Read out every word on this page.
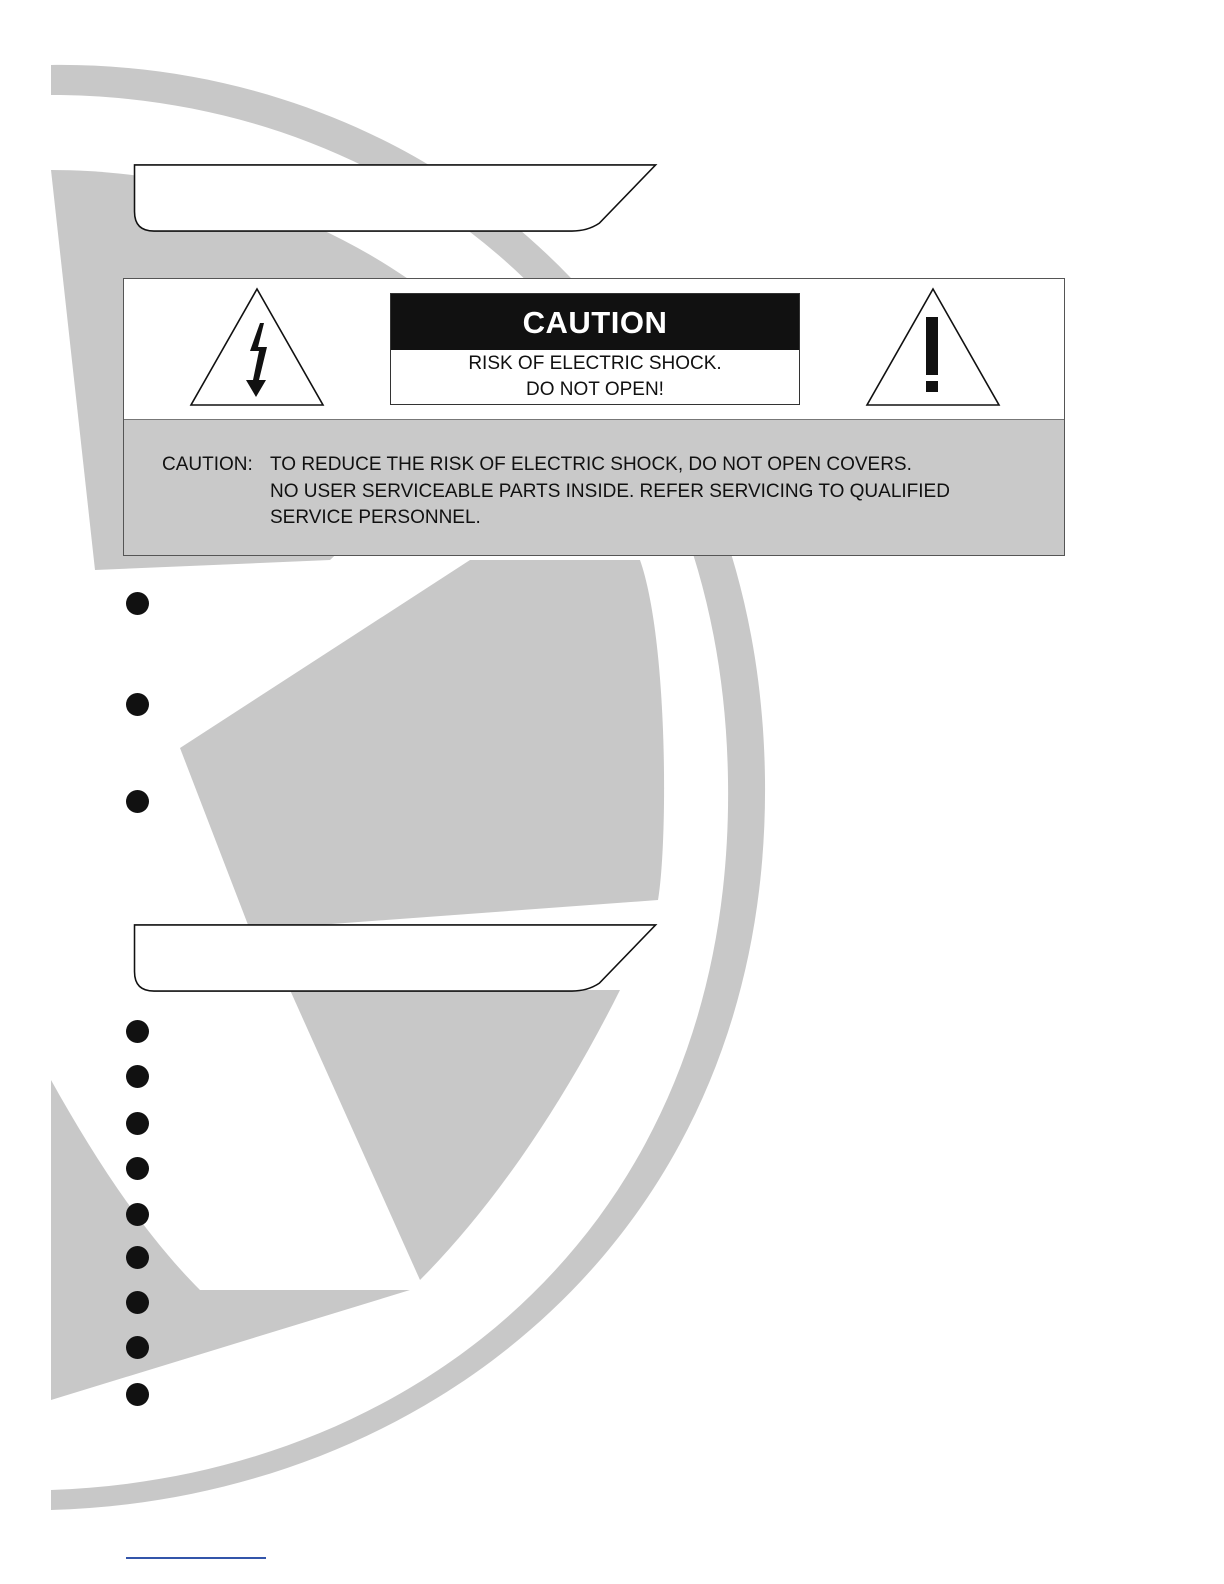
CAUTION
RISK OF ELECTRIC SHOCK.
DO NOT OPEN!
CAUTION: TO REDUCE THE RISK OF ELECTRIC SHOCK, DO NOT OPEN COVERS.
NO USER SERVICEABLE PARTS INSIDE. REFER SERVICING TO QUALIFIED
SERVICE PERSONNEL.
